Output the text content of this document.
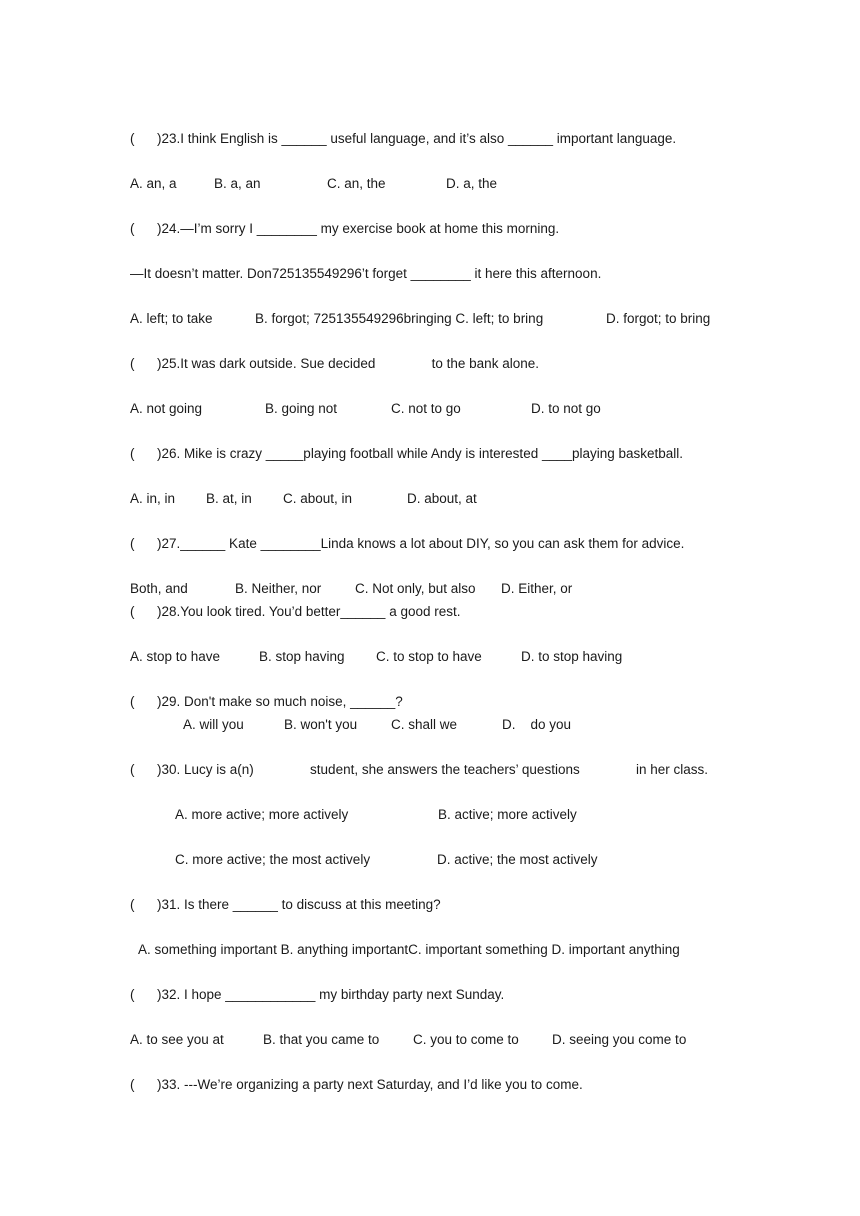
(      )23.I think English is ______ useful language, and it’s also ______ important language.

A. an, a

	B. a, an

	C. an, the

	D. a, the

(      )24.—I’m sorry I ________ my exercise book at home this morning.
—It doesn’t matter. Don725135549296’t forget ________ it here this afternoon.

A. left; to take

	B. forgot; 725135549296bringing C. left; to bring

	D. forgot; to bring

(      )25.It was dark outside. Sue decided               to the bank alone.

A. not going

	B. going not

	C. not to go

	D. to not go

(      )26. Mike is crazy _____playing football while Andy is interested ____playing basketball.

A. in, in

B. at, in

C. about, in

	D. about, at

(      )27.______ Kate ________Linda knows a lot about DIY, so you can ask them for advice.

Both, and

	B. Neither, nor

C. Not only, but also

D. Either, or

(      )28.You look tired. You’d better______ a good rest.

A. stop to have

	B. stop having

C. to stop to have

	D. to stop having

(      )29. Don't make so much noise, ______?

A. will you

	B. won't you

	C. shall we

	D.    do you

(      )30. Lucy is a(n)               student, she answers the teachers’ questions               in her class.

A. more active; more actively

	B. active; more actively

C. more active; the most actively

	D. active; the most actively

(      )31. Is there ______ to discuss at this meeting?
A. something important B. anything importantC. important something D. important anything
(      )32. I hope ____________ my birthday party next Sunday.

A. to see you at

	B. that you came to

C. you to come to

D. seeing you come to

(      )33. ---We’re organizing a party next Saturday, and I’d like you to come.
